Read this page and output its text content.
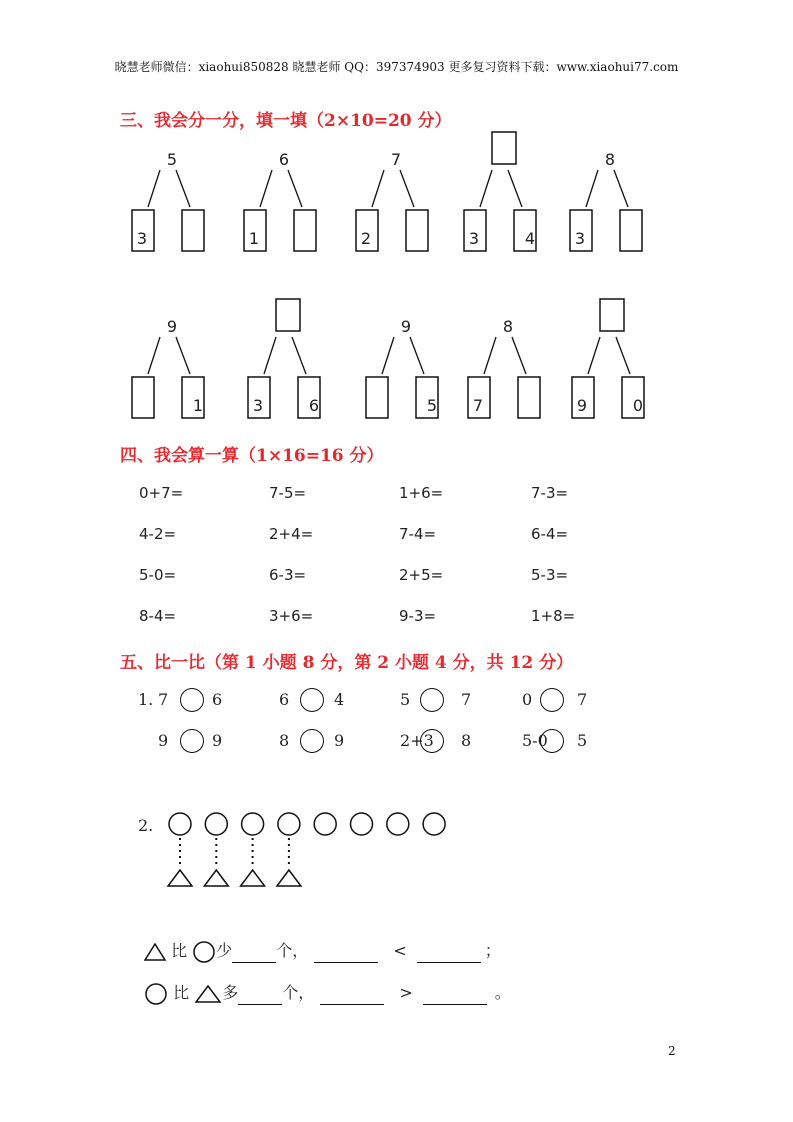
晓慧老师微信：xiaohui850828 晓慧老师 QQ：397374903 更多复习资料下载：www.xiaohui77.com
三、我会分一分，填一填（2×10=20 分）
5
3
6
1
7
2	3	4
8
3
9
1	3	6
9
5
8
7	9	0
四、我会算一算（1×16=16 分）
0+7=	7-5=	1+6=	7-3=
4-2=	2+4=	7-4=	6-4=
5-0=	6-3=	2+5=	5-3=
8-4=	3+6=	9-3=	1+8=
五、比一比（第 1 小题 8 分，第 2 小题 4 分，共 12 分）
1. 7	6	6	4	5	7	0	7
9	9	8	9	2+3 8	5-0 5
2.
比 少	个，	<	；
比 多	个，	>	。
2
